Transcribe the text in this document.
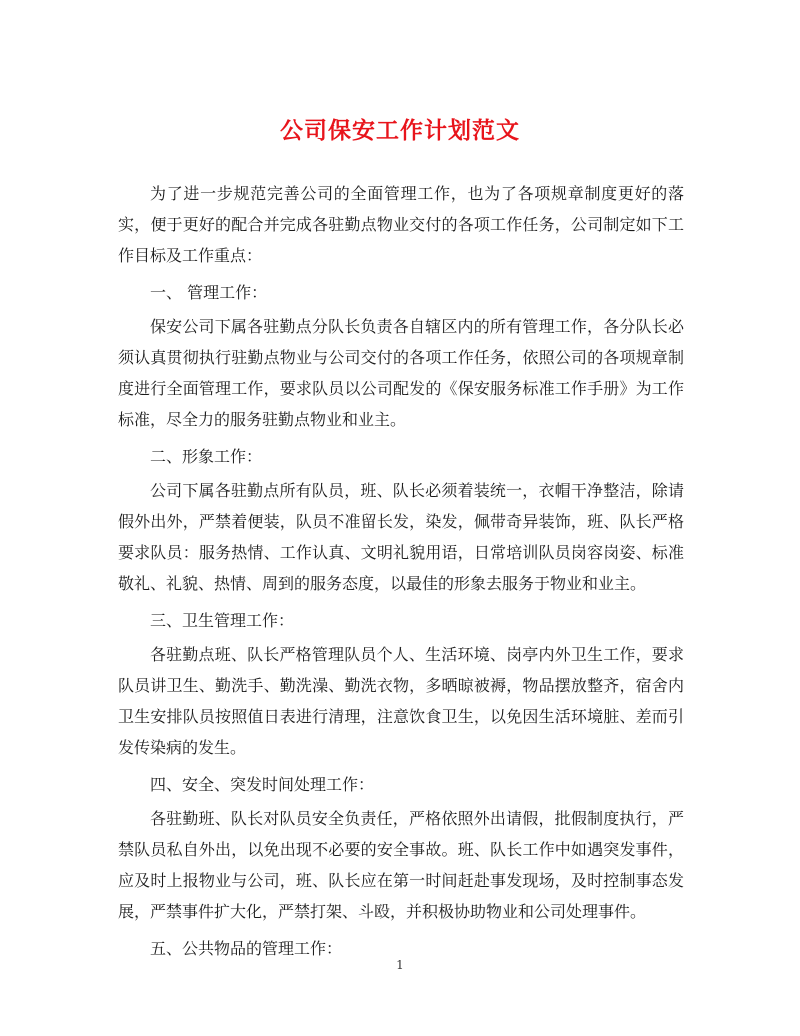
公司保安工作计划范文

为了进一步规范完善公司的全面管理工作，也为了各项规章制度更好的落实，便于更好的配合并完成各驻勤点物业交付的各项工作任务，公司制定如下工作目标及工作重点：

一、 管理工作：

保安公司下属各驻勤点分队长负责各自辖区内的所有管理工作，各分队长必须认真贯彻执行驻勤点物业与公司交付的各项工作任务，依照公司的各项规章制度进行全面管理工作，要求队员以公司配发的《保安服务标准工作手册》为工作标准，尽全力的服务驻勤点物业和业主。

二、形象工作：

公司下属各驻勤点所有队员，班、队长必须着装统一，衣帽干净整洁，除请假外出外，严禁着便装，队员不准留长发，染发，佩带奇异装饰，班、队长严格要求队员：服务热情、工作认真、文明礼貌用语，日常培训队员岗容岗姿、标准敬礼、礼貌、热情、周到的服务态度，以最佳的形象去服务于物业和业主。

三、卫生管理工作：

各驻勤点班、队长严格管理队员个人、生活环境、岗亭内外卫生工作，要求队员讲卫生、勤洗手、勤洗澡、勤洗衣物，多晒晾被褥，物品摆放整齐，宿舍内卫生安排队员按照值日表进行清理，注意饮食卫生，以免因生活环境脏、差而引发传染病的发生。

四、安全、突发时间处理工作：

各驻勤班、队长对队员安全负责任，严格依照外出请假，批假制度执行，严禁队员私自外出，以免出现不必要的安全事故。班、队长工作中如遇突发事件，应及时上报物业与公司，班、队长应在第一时间赶赴事发现场，及时控制事态发展，严禁事件扩大化，严禁打架、斗殴，并积极协助物业和公司处理事件。

五、公共物品的管理工作：

1
